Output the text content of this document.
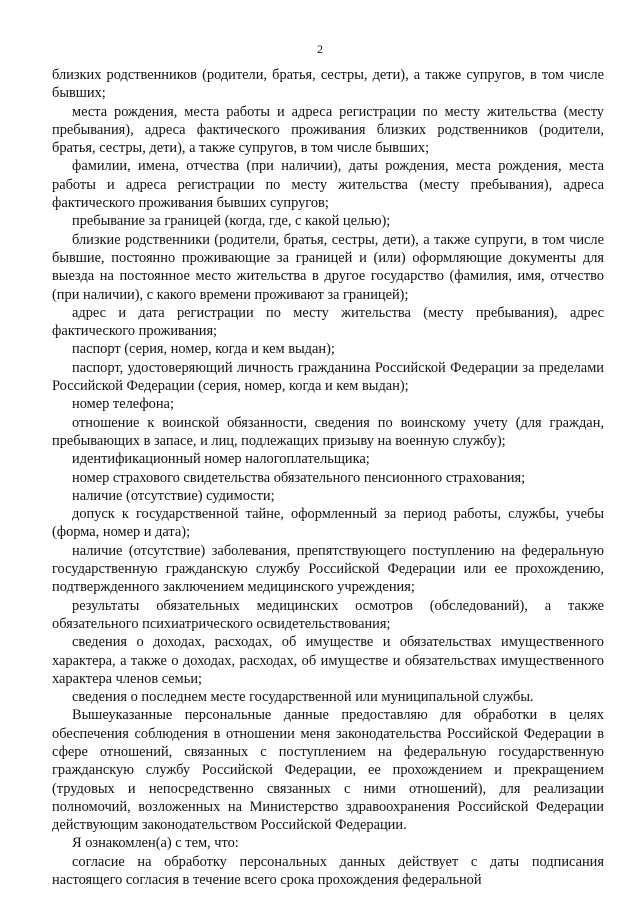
2

близких родственников (родители, братья, сестры, дети), а также супругов, в том числе бывших;

места рождения, места работы и адреса регистрации по месту жительства (месту пребывания), адреса фактического проживания близких родственников (родители, братья, сестры, дети), а также супругов, в том числе бывших;

фамилии, имена, отчества (при наличии), даты рождения, места рождения, места работы и адреса регистрации по месту жительства (месту пребывания), адреса фактического проживания бывших супругов;

пребывание за границей (когда, где, с какой целью);

близкие родственники (родители, братья, сестры, дети), а также супруги, в том числе бывшие, постоянно проживающие за границей и (или) оформляющие документы для выезда на постоянное место жительства в другое государство (фамилия, имя, отчество (при наличии), с какого времени проживают за границей);

адрес и дата регистрации по месту жительства (месту пребывания), адрес фактического проживания;

паспорт (серия, номер, когда и кем выдан);

паспорт, удостоверяющий личность гражданина Российской Федерации за пределами Российской Федерации (серия, номер, когда и кем выдан);

номер телефона;

отношение к воинской обязанности, сведения по воинскому учету (для граждан, пребывающих в запасе, и лиц, подлежащих призыву на военную службу);

идентификационный номер налогоплательщика;

номер страхового свидетельства обязательного пенсионного страхования;

наличие (отсутствие) судимости;

допуск к государственной тайне, оформленный за период работы, службы, учебы (форма, номер и дата);

наличие (отсутствие) заболевания, препятствующего поступлению на федеральную государственную гражданскую службу Российской Федерации или ее прохождению, подтвержденного заключением медицинского учреждения;

результаты обязательных медицинских осмотров (обследований), а также обязательного психиатрического освидетельствования;

сведения о доходах, расходах, об имуществе и обязательствах имущественного характера, а также о доходах, расходах, об имуществе и обязательствах имущественного характера членов семьи;

сведения о последнем месте государственной или муниципальной службы.

Вышеуказанные персональные данные предоставляю для обработки в целях обеспечения соблюдения в отношении меня законодательства Российской Федерации в сфере отношений, связанных с поступлением на федеральную государственную гражданскую службу Российской Федерации, ее прохождением и прекращением (трудовых и непосредственно связанных с ними отношений), для реализации полномочий, возложенных на Министерство здравоохранения Российской Федерации действующим законодательством Российской Федерации.

Я ознакомлен(а) с тем, что:

согласие на обработку персональных данных действует с даты подписания настоящего согласия в течение всего срока прохождения федеральной
